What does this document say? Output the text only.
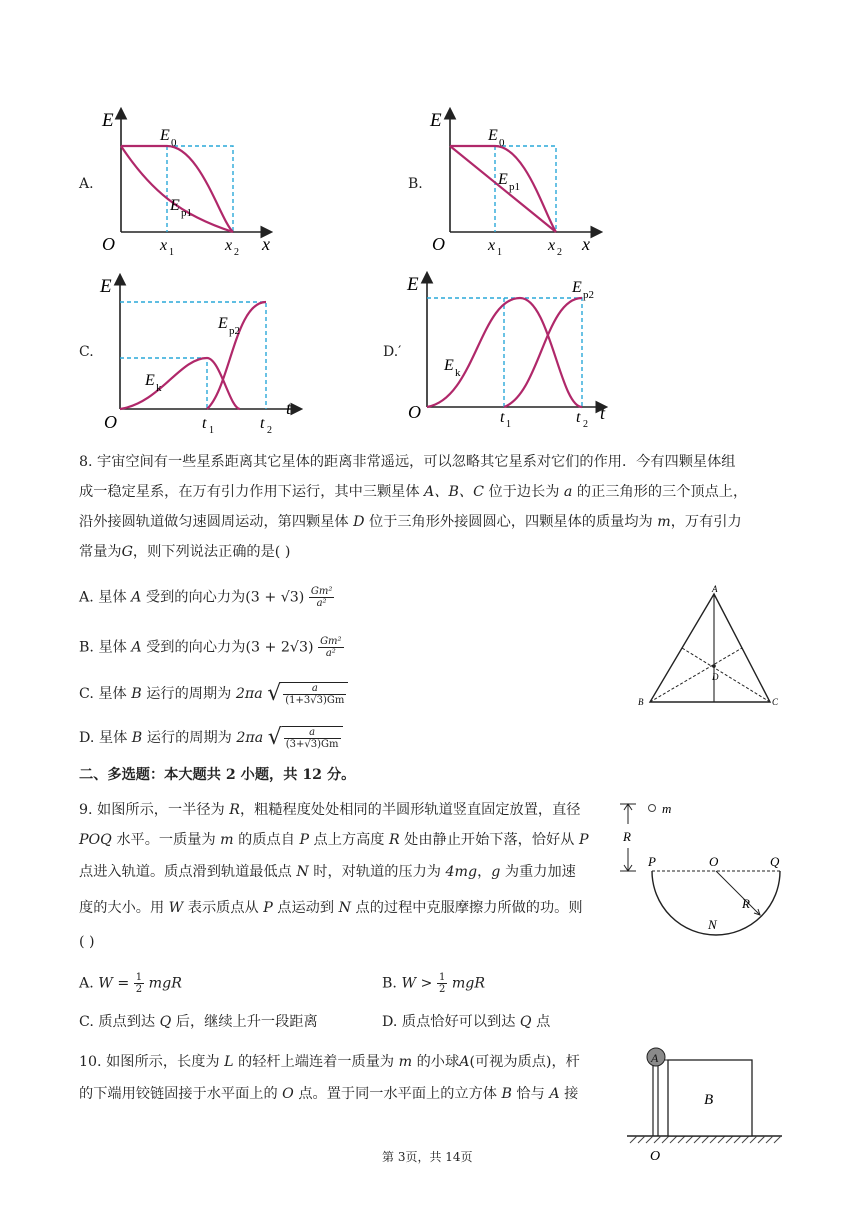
A.
E
O	x
E 0
E p1
x 1	x 2
B.
E
O	x
E 0
E p1
x 1	x 2
C.
E
O
t
E k
E p2
t 1	t 2
D.′
E
O	t
E k
E p2
t 1	t 2
8. 宇宙空间有一些星系距离其它星体的距离非常遥远，可以忽略其它星系对它们的作用．今有四颗星体组
成一稳定星系，在万有引力作用下运行，其中三颗星体 A、B、C 位于边长为 a 的正三角形的三个顶点上，
沿外接圆轨道做匀速圆周运动，第四颗星体 D 位于三角形外接圆圆心，四颗星体的质量均为 m，万有引力
常量为G，则下列说法正确的是( )
A. 星体 A 受到的向心力为$(3 + √3) \frac{\text{Gm²}}{\text{a²}}$
B. 星体 A 受到的向心力为$(3 + 2√3) \frac{\text{Gm²}}{\text{a²}}$
C. 星体 B 运行的周期为 2πa √ $\frac{a}{(1+3√3)Gm}$
D. 星体 B 运行的周期为 2πa √ $\frac{a}{(3+√3)Gm}$
A
B	C
D
二、多选题：本大题共 2 小题，共 12 分。
9. 如图所示，一半径为 R，粗糙程度处处相同的半圆形轨道竖直固定放置，直径
POQ 水平。一质量为 m 的质点自 P 点上方高度 R 处由静止开始下落，恰好从 P
点进入轨道。质点滑到轨道最低点 N 时，对轨道的压力为 4mg，g 为重力加速
度的大小。用 W 表示质点从 P 点运动到 N 点的过程中克服摩擦力所做的功。则
( )
A. $W = \frac{1}{2}$ mgR	B. $W > \frac{1}{2}$ mgR
C. 质点到达 Q 后，继续上升一段距离	D. 质点恰好可以到达 Q 点
m
R
P	O	Q
R
N
10. 如图所示，长度为 L 的轻杆上端连着一质量为 m 的小球A(可视为质点)，杆
的下端用铰链固接于水平面上的 O 点。置于同一水平面上的立方体 B 恰与 A 接
A
B
O
第 3页，共 14页
